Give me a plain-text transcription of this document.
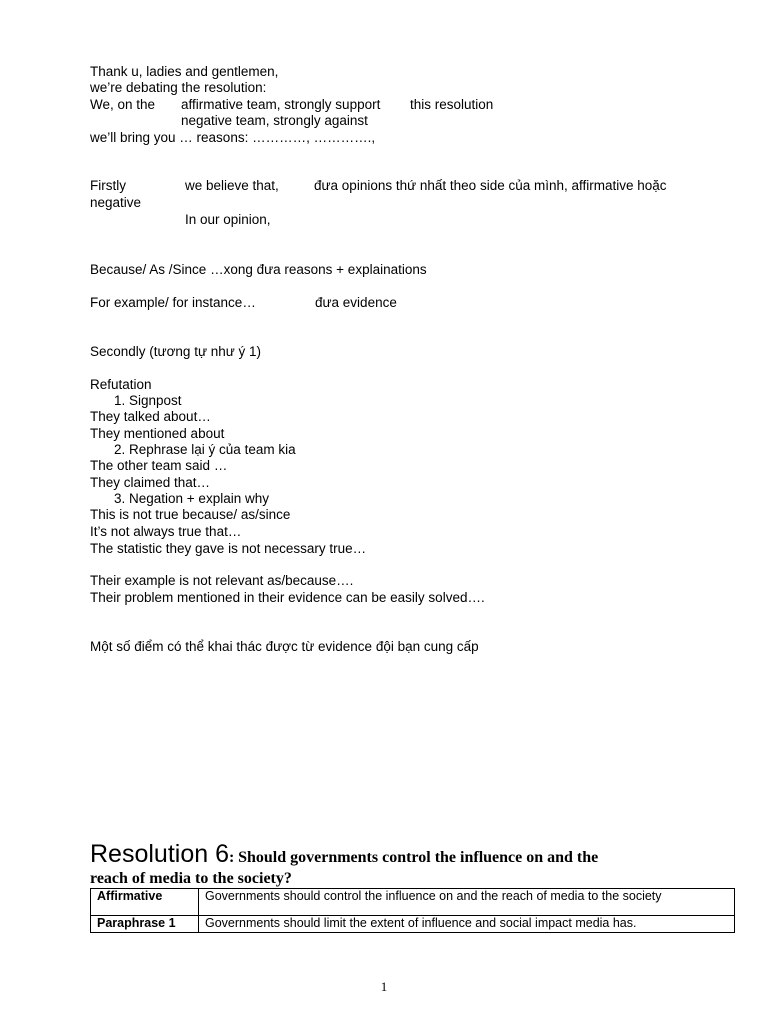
Thank u, ladies and gentlemen,
we’re debating the resolution:
We, on the affirmative team, strongly support this resolution
negative team, strongly against
we’ll bring you … reasons: …………, ………….,
Firstly	we believe that,	đưa opinions thứ nhất theo side của mình, affirmative hoặc
negative
In our opinion,
Because/ As /Since …xong đưa reasons + explainations
For example/ for instance…	đưa evidence
Secondly (tương tự như ý 1)
Refutation
1. Signpost
They talked about…
They mentioned about
2. Rephrase lại ý của team kia
The other team said …
They claimed that…
3. Negation + explain why
This is not true because/ as/since
It’s not always true that…
The statistic they gave is not necessary true…
Their example is not relevant as/because….
Their problem mentioned in their evidence can be easily solved….
Một số điểm có thể khai thác được từ evidence đội bạn cung cấp
Resolution 6: Should governments control the influence on and the
reach of media to the society?
Affirmative	Governments should control the influence on and the reach of media to the society
Paraphrase 1	Governments should limit the extent of influence and social impact media has.
1
